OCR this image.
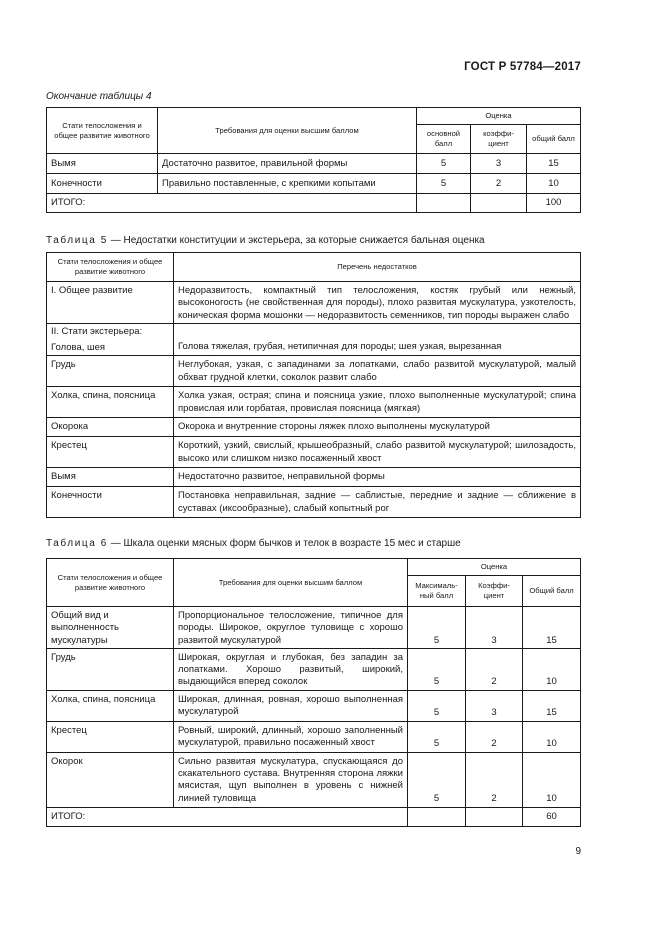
ГОСТ Р 57784—2017
Окончание таблицы 4
Стати телосложения и общее развитие животного	Требования для оценки высшим баллом	Оценка		
		основной балл	коэффи-циент	общий балл
Вымя	Достаточно развитое, правильной формы	5	3	15
Конечности	Правильно поставленные, с крепкими копытами	5	2	10
ИТОГО:				100
Таблица 5 — Недостатки конституции и экстерьера, за которые снижается бальная оценка
Стати телосложения и общее развитие животного	Перечень недостатков
I. Общее развитие	Недоразвитость, компактный тип телосложения, костяк грубый или нежный, высоконогость (не свойственная для породы), плохо развитая мускулатура, узкотелость, коническая форма мошонки — недоразвитость семенников, тип породы выражен слабо

II. Стати экстерьера:
Голова, шея	Голова тяжелая, грубая, нетипичная для породы; шея узкая, вырезанная
Грудь	Неглубокая, узкая, с западинами за лопатками, слабо развитой мускулатурой, малый обхват грудной клетки, соколок развит слабо
Холка, спина, поясница	Холка узкая, острая; спина и поясница узкие, плохо выполненные мускулатурой; спина провислая или горбатая, провислая поясница (мягкая)
Окорока	Окорока и внутренние стороны ляжек плохо выполнены мускулатурой
Крестец	Короткий, узкий, свислый, крышеобразный, слабо развитой мускулатурой; шилозадость, высоко или слишком низко посаженный хвост
Вымя	Недостаточно развитое, неправильной формы
Конечности	Постановка неправильная, задние — саблистые, передние и задние — сближение в суставах (иксообразные), слабый копытный рог
Таблица 6 — Шкала оценки мясных форм бычков и телок в возрасте 15 мес и старше
Стати телосложения и общее развитие животного	Требования для оценки высшим баллом	Оценка		
		Максималь-ный балл	Коэффи-циент	Общий балл
Общий вид и выполненность мускулатуры	Пропорциональное телосложение, типичное для породы. Широкое, округлое туловище с хорошо развитой мускулатурой	5	3	15
Грудь	Широкая, округлая и глубокая, без западин за лопатками. Хорошо развитый, широкий, выдающийся вперед соколок	5	2	10
Холка, спина, поясница	Широкая, длинная, ровная, хорошо выполненная мускулатурой	5	3	15
Крестец	Ровный, широкий, длинный, хорошо заполненный мускулатурой, правильно посаженный хвост	5	2	10
Окорок	Сильно развитая мускулатура, спускающаяся до скакательного сустава. Внутренняя сторона ляжки мясистая, щуп выполнен в уровень с нижней линией туловища	5	2	10
ИТОГО:				60
9
